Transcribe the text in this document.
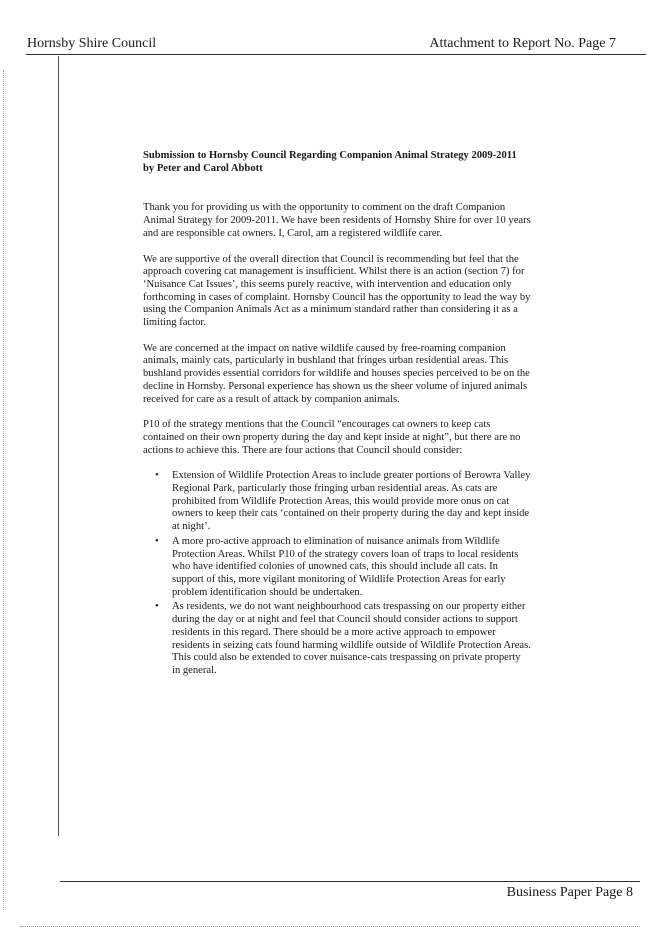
Hornsby Shire Council	Attachment to Report No. Page 7
Submission to Hornsby Council Regarding Companion Animal Strategy 2009-2011
by Peter and Carol Abbott

Thank you for providing us with the opportunity to comment on the draft Companion Animal Strategy for 2009-2011. We have been residents of Hornsby Shire for over 10 years and are responsible cat owners. I, Carol, am a registered wildlife carer.

We are supportive of the overall direction that Council is recommending but feel that the approach covering cat management is insufficient. Whilst there is an action (section 7) for ‘Nuisance Cat Issues’, this seems purely reactive, with intervention and education only forthcoming in cases of complaint. Hornsby Council has the opportunity to lead the way by using the Companion Animals Act as a minimum standard rather than considering it as a limiting factor.

We are concerned at the impact on native wildlife caused by free-roaming companion animals, mainly cats, particularly in bushland that fringes urban residential areas. This bushland provides essential corridors for wildlife and houses species perceived to be on the decline in Hornsby. Personal experience has shown us the sheer volume of injured animals received for care as a result of attack by companion animals.

P10 of the strategy mentions that the Council “encourages cat owners to keep cats contained on their own property during the day and kept inside at night”, but there are no actions to achieve this. There are four actions that Council should consider:

• Extension of Wildlife Protection Areas to include greater portions of Berowra Valley Regional Park, particularly those fringing urban residential areas. As cats are prohibited from Wildlife Protection Areas, this would provide more onus on cat owners to keep their cats ‘contained on their property during the day and kept inside at night’.
• A more pro-active approach to elimination of nuisance animals from Wildlife Protection Areas. Whilst P10 of the strategy covers loan of traps to local residents who have identified colonies of unowned cats, this should include all cats. In support of this, more vigilant monitoring of Wildlife Protection Areas for early problem identification should be undertaken.
• As residents, we do not want neighbourhood cats trespassing on our property either during the day or at night and feel that Council should consider actions to support residents in this regard. There should be a more active approach to empower residents in seizing cats found harming wildlife outside of Wildlife Protection Areas. This could also be extended to cover nuisance-cats trespassing on private property in general.
Business Paper Page 8
